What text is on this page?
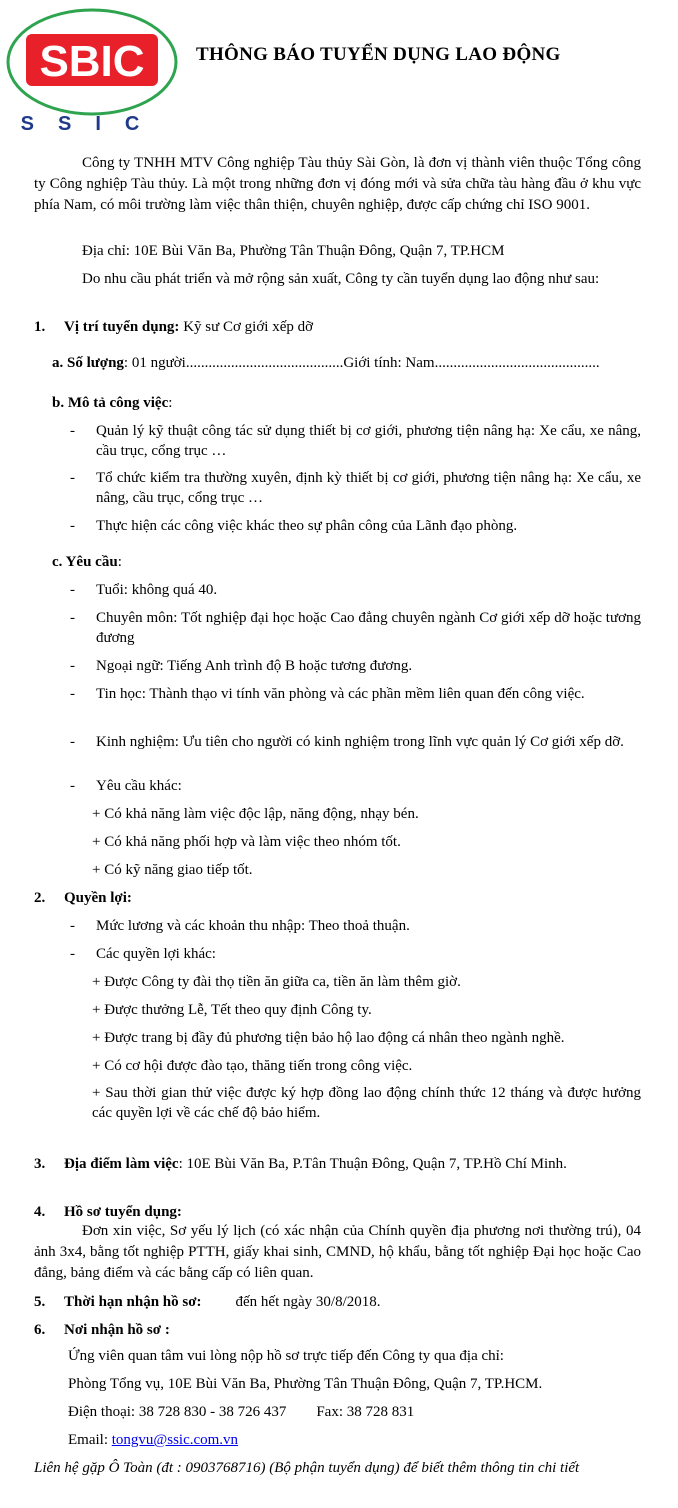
SBIC
SSIC
THÔNG BÁO TUYỂN DỤNG LAO ĐỘNG
Công ty TNHH MTV Công nghiệp Tàu thủy Sài Gòn, là đơn vị thành viên thuộc Tổng công ty Công nghiệp Tàu thủy. Là một trong những đơn vị đóng mới và sửa chữa tàu hàng đầu ở khu vực phía Nam, có môi trường làm việc thân thiện, chuyên nghiệp, được cấp chứng chỉ ISO 9001.
Địa chỉ: 10E Bùi Văn Ba, Phường Tân Thuận Đông, Quận 7, TP.HCM
Do nhu cầu phát triển và mở rộng sản xuất, Công ty cần tuyển dụng lao động như sau:
1. Vị trí tuyển dụng: Kỹ sư Cơ giới xếp dỡ
a. Số lượng: 01 người..........................................Giới tính: Nam............................................
b. Mô tả công việc:
- Quản lý kỹ thuật công tác sử dụng thiết bị cơ giới, phương tiện nâng hạ: Xe cẩu, xe nâng, cầu trục, cổng trục …
- Tổ chức kiểm tra thường xuyên, định kỳ thiết bị cơ giới, phương tiện nâng hạ: Xe cẩu, xe nâng, cầu trục, cổng trục …
- Thực hiện các công việc khác theo sự phân công của Lãnh đạo phòng.
c. Yêu cầu:
- Tuổi: không quá 40.
- Chuyên môn: Tốt nghiệp đại học hoặc Cao đẳng chuyên ngành Cơ giới xếp dỡ hoặc tương đương
- Ngoại ngữ: Tiếng Anh trình độ B hoặc tương đương.
- Tin học: Thành thạo vi tính văn phòng và các phần mềm liên quan đến công việc.
- Kinh nghiệm: Ưu tiên cho người có kinh nghiệm trong lĩnh vực quản lý Cơ giới xếp dỡ.
- Yêu cầu khác:
+ Có khả năng làm việc độc lập, năng động, nhạy bén.
+ Có khả năng phối hợp và làm việc theo nhóm tốt.
+ Có kỹ năng giao tiếp tốt.
2. Quyền lợi:
- Mức lương và các khoản thu nhập: Theo thoả thuận.
- Các quyền lợi khác:
+ Được Công ty đài thọ tiền ăn giữa ca, tiền ăn làm thêm giờ.
+ Được thưởng Lễ, Tết theo quy định Công ty.
+ Được trang bị đầy đủ phương tiện bảo hộ lao động cá nhân theo ngành nghề.
+ Có cơ hội được đào tạo, thăng tiến trong công việc.
+ Sau thời gian thử việc được ký hợp đồng lao động chính thức 12 tháng và được hưởng các quyền lợi về các chế độ bảo hiểm.
3. Địa điểm làm việc: 10E Bùi Văn Ba, P.Tân Thuận Đông, Quận 7, TP.Hồ Chí Minh.
4. Hồ sơ tuyển dụng:
Đơn xin việc, Sơ yếu lý lịch (có xác nhận của Chính quyền địa phương nơi thường trú), 04 ảnh 3x4, bằng tốt nghiệp PTTH, giấy khai sinh, CMND, hộ khẩu, bằng tốt nghiệp Đại học hoặc Cao đẳng, bảng điểm và các bằng cấp có liên quan.
5. Thời hạn nhận hồ sơ: đến hết ngày 30/8/2018.
6. Nơi nhận hồ sơ :
Ứng viên quan tâm vui lòng nộp hồ sơ trực tiếp đến Công ty qua địa chỉ:
Phòng Tổng vụ, 10E Bùi Văn Ba, Phường Tân Thuận Đông, Quận 7, TP.HCM.
Điện thoại: 38 728 830 - 38 726 437 Fax: 38 728 831
Email: tongvu@ssic.com.vn
Liên hệ gặp Ô Toàn (đt : 0903768716) (Bộ phận tuyển dụng) để biết thêm thông tin chi tiết
